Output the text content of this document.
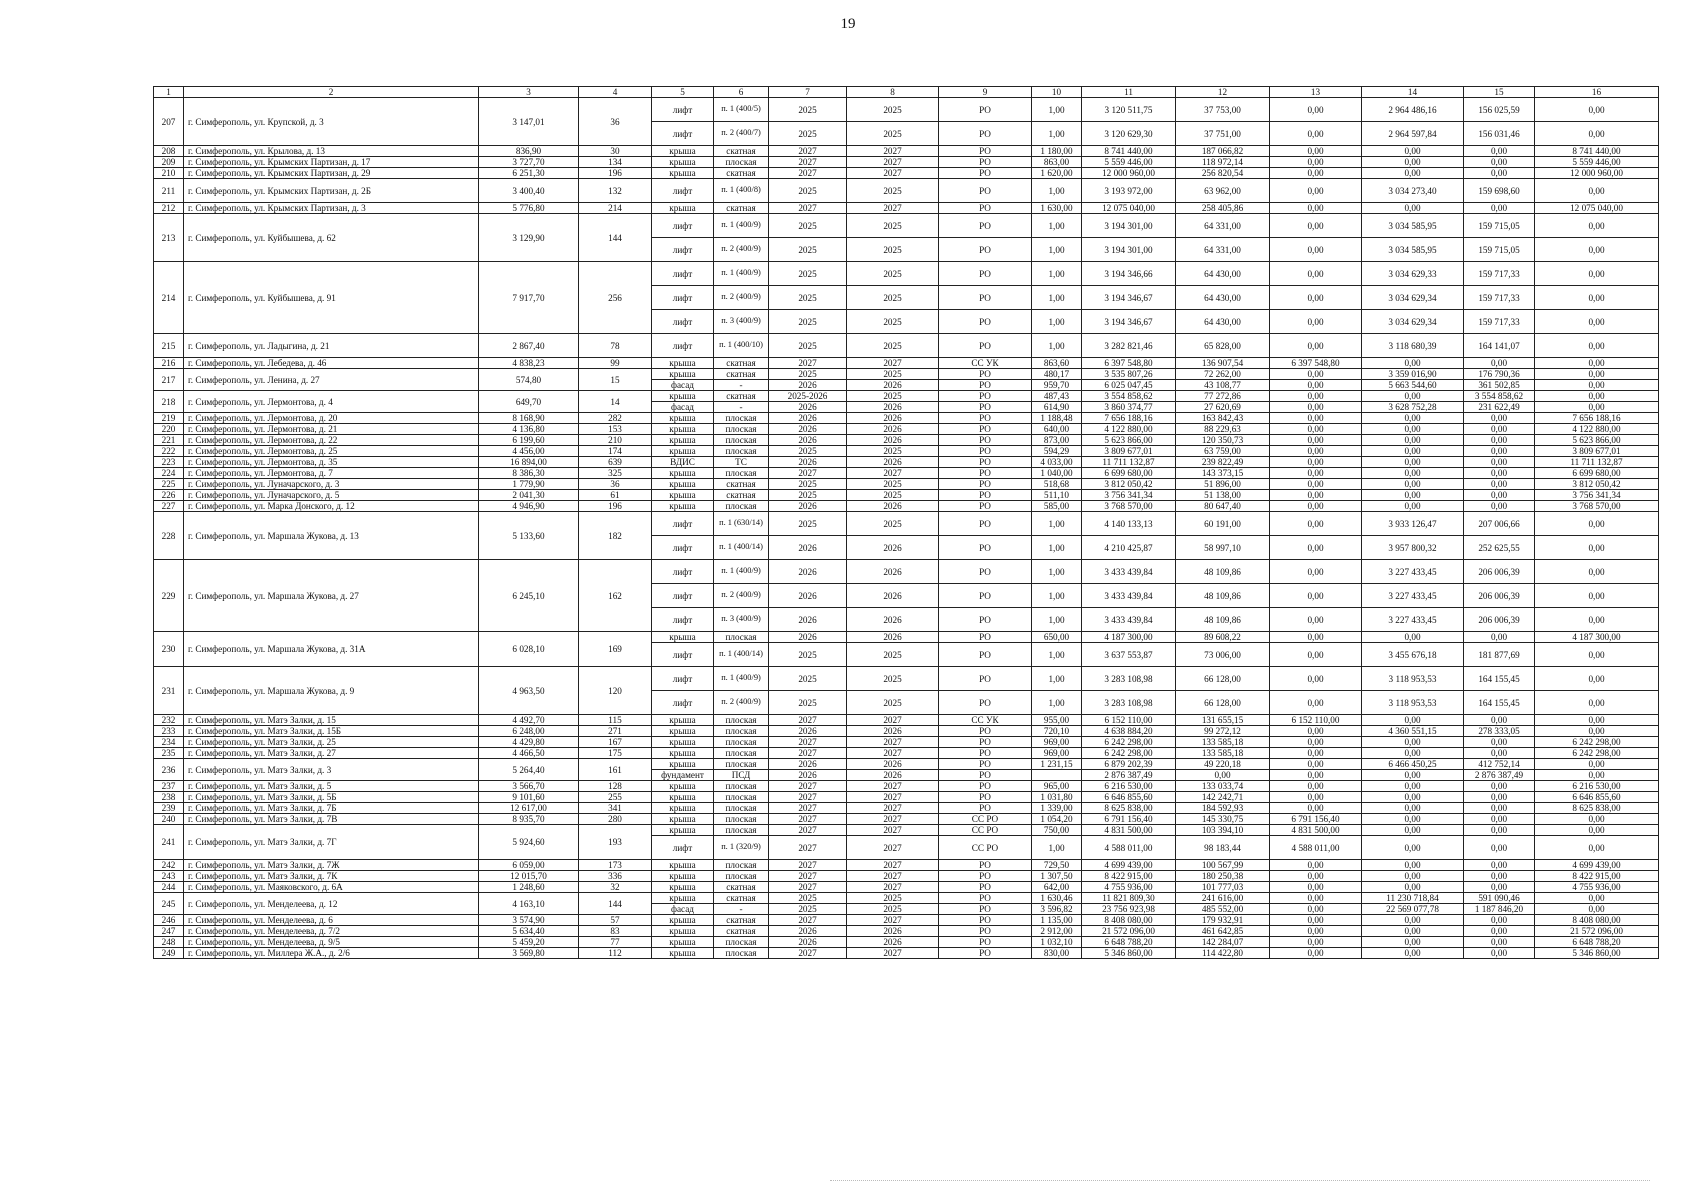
19
1	2	3	4	5	6	7	8	9	10	11	12	13	14	15	16
207	г. Симферополь, ул. Крупской, д. 3	3 147,01	36	лифт	п. 1 (400/5)	2025	2025	РО	1,00	3 120 511,75	37 753,00	0,00	2 964 486,16	156 025,59	0,00
				лифт	п. 2 (400/7)	2025	2025	РО	1,00	3 120 629,30	37 751,00	0,00	2 964 597,84	156 031,46	0,00
208	г. Симферополь, ул. Крылова, д. 13	836,90	30	крыша	скатная	2027	2027	РО	1 180,00	8 741 440,00	187 066,82	0,00	0,00	0,00	8 741 440,00
209	г. Симферополь, ул. Крымских Партизан, д. 17	3 727,70	134	крыша	плоская	2027	2027	РО	863,00	5 559 446,00	118 972,14	0,00	0,00	0,00	5 559 446,00
210	г. Симферополь, ул. Крымских Партизан, д. 29	6 251,30	196	крыша	скатная	2027	2027	РО	1 620,00	12 000 960,00	256 820,54	0,00	0,00	0,00	12 000 960,00
211	г. Симферополь, ул. Крымских Партизан, д. 2Б	3 400,40	132	лифт	п. 1 (400/8)	2025	2025	РО	1,00	3 193 972,00	63 962,00	0,00	3 034 273,40	159 698,60	0,00
212	г. Симферополь, ул. Крымских Партизан, д. 3	5 776,80	214	крыша	скатная	2027	2027	РО	1 630,00	12 075 040,00	258 405,86	0,00	0,00	0,00	12 075 040,00
213	г. Симферополь, ул. Куйбышева, д. 62	3 129,90	144	лифт	п. 1 (400/9)	2025	2025	РО	1,00	3 194 301,00	64 331,00	0,00	3 034 585,95	159 715,05	0,00
				лифт	п. 2 (400/9)	2025	2025	РО	1,00	3 194 301,00	64 331,00	0,00	3 034 585,95	159 715,05	0,00
214	г. Симферополь, ул. Куйбышева, д. 91	7 917,70	256	лифт	п. 1 (400/9)	2025	2025	РО	1,00	3 194 346,66	64 430,00	0,00	3 034 629,33	159 717,33	0,00
				лифт	п. 2 (400/9)	2025	2025	РО	1,00	3 194 346,67	64 430,00	0,00	3 034 629,34	159 717,33	0,00
				лифт	п. 3 (400/9)	2025	2025	РО	1,00	3 194 346,67	64 430,00	0,00	3 034 629,34	159 717,33	0,00
215	г. Симферополь, ул. Ладыгина, д. 21	2 867,40	78	лифт	п. 1 (400/10)	2025	2025	РО	1,00	3 282 821,46	65 828,00	0,00	3 118 680,39	164 141,07	0,00
216	г. Симферополь, ул. Лебедева, д. 46	4 838,23	99	крыша	скатная	2027	2027	СС УК	863,60	6 397 548,80	136 907,54	6 397 548,80	0,00	0,00	0,00
217	г. Симферополь, ул. Ленина, д. 27	574,80	15	крыша	скатная	2025	2025	РО	480,17	3 535 807,26	72 262,00	0,00	3 359 016,90	176 790,36	0,00
				фасад	-	2026	2026	РО	959,70	6 025 047,45	43 108,77	0,00	5 663 544,60	361 502,85	0,00
218	г. Симферополь, ул. Лермонтова, д. 4	649,70	14	крыша	скатная	2025-2026	2025	РО	487,43	3 554 858,62	77 272,86	0,00	0,00	3 554 858,62	0,00
				фасад	-	2026	2026	РО	614,90	3 860 374,77	27 620,69	0,00	3 628 752,28	231 622,49	0,00
219	г. Симферополь, ул. Лермонтова, д. 20	8 168,90	282	крыша	плоская	2026	2026	РО	1 188,48	7 656 188,16	163 842,43	0,00	0,00	0,00	7 656 188,16
220	г. Симферополь, ул. Лермонтова, д. 21	4 136,80	153	крыша	плоская	2026	2026	РО	640,00	4 122 880,00	88 229,63	0,00	0,00	0,00	4 122 880,00
221	г. Симферополь, ул. Лермонтова, д. 22	6 199,60	210	крыша	плоская	2026	2026	РО	873,00	5 623 866,00	120 350,73	0,00	0,00	0,00	5 623 866,00
222	г. Симферополь, ул. Лермонтова, д. 25	4 456,00	174	крыша	плоская	2025	2025	РО	594,29	3 809 677,01	63 759,00	0,00	0,00	0,00	3 809 677,01
223	г. Симферополь, ул. Лермонтова, д. 35	16 894,00	639	ВДИС	ТС	2026	2026	РО	4 033,00	11 711 132,87	239 822,49	0,00	0,00	0,00	11 711 132,87
224	г. Симферополь, ул. Лермонтова, д. 7	8 386,30	325	крыша	плоская	2027	2027	РО	1 040,00	6 699 680,00	143 373,15	0,00	0,00	0,00	6 699 680,00
225	г. Симферополь, ул. Луначарского, д. 3	1 779,90	36	крыша	скатная	2025	2025	РО	518,68	3 812 050,42	51 896,00	0,00	0,00	0,00	3 812 050,42
226	г. Симферополь, ул. Луначарского, д. 5	2 041,30	61	крыша	скатная	2025	2025	РО	511,10	3 756 341,34	51 138,00	0,00	0,00	0,00	3 756 341,34
227	г. Симферополь, ул. Марка Донского, д. 12	4 946,90	196	крыша	плоская	2026	2026	РО	585,00	3 768 570,00	80 647,40	0,00	0,00	0,00	3 768 570,00
228	г. Симферополь, ул. Маршала Жукова, д. 13	5 133,60	182	лифт	п. 1 (630/14)	2025	2025	РО	1,00	4 140 133,13	60 191,00	0,00	3 933 126,47	207 006,66	0,00
				лифт	п. 1 (400/14)	2026	2026	РО	1,00	4 210 425,87	58 997,10	0,00	3 957 800,32	252 625,55	0,00
229	г. Симферополь, ул. Маршала Жукова, д. 27	6 245,10	162	лифт	п. 1 (400/9)	2026	2026	РО	1,00	3 433 439,84	48 109,86	0,00	3 227 433,45	206 006,39	0,00
				лифт	п. 2 (400/9)	2026	2026	РО	1,00	3 433 439,84	48 109,86	0,00	3 227 433,45	206 006,39	0,00
				лифт	п. 3 (400/9)	2026	2026	РО	1,00	3 433 439,84	48 109,86	0,00	3 227 433,45	206 006,39	0,00
230	г. Симферополь, ул. Маршала Жукова, д. 31А	6 028,10	169	крыша	плоская	2026	2026	РО	650,00	4 187 300,00	89 608,22	0,00	0,00	0,00	4 187 300,00
				лифт	п. 1 (400/14)	2025	2025	РО	1,00	3 637 553,87	73 006,00	0,00	3 455 676,18	181 877,69	0,00
231	г. Симферополь, ул. Маршала Жукова, д. 9	4 963,50	120	лифт	п. 1 (400/9)	2025	2025	РО	1,00	3 283 108,98	66 128,00	0,00	3 118 953,53	164 155,45	0,00
				лифт	п. 2 (400/9)	2025	2025	РО	1,00	3 283 108,98	66 128,00	0,00	3 118 953,53	164 155,45	0,00
232	г. Симферополь, ул. Матэ Залки, д. 15	4 492,70	115	крыша	плоская	2027	2027	СС УК	955,00	6 152 110,00	131 655,15	6 152 110,00	0,00	0,00	0,00
233	г. Симферополь, ул. Матэ Залки, д. 15Б	6 248,00	271	крыша	плоская	2026	2026	РО	720,10	4 638 884,20	99 272,12	0,00	4 360 551,15	278 333,05	0,00
234	г. Симферополь, ул. Матэ Залки, д. 25	4 429,80	167	крыша	плоская	2027	2027	РО	969,00	6 242 298,00	133 585,18	0,00	0,00	0,00	6 242 298,00
235	г. Симферополь, ул. Матэ Залки, д. 27	4 466,50	175	крыша	плоская	2027	2027	РО	969,00	6 242 298,00	133 585,18	0,00	0,00	0,00	6 242 298,00
236	г. Симферополь, ул. Матэ Залки, д. 3	5 264,40	161	крыша	плоская	2026	2026	РО	1 231,15	6 879 202,39	49 220,18	0,00	6 466 450,25	412 752,14	0,00
				фундамент	ПСД	2026	2026	РО		2 876 387,49	0,00	0,00	0,00	2 876 387,49	0,00
237	г. Симферополь, ул. Матэ Залки, д. 5	3 566,70	128	крыша	плоская	2027	2027	РО	965,00	6 216 530,00	133 033,74	0,00	0,00	0,00	6 216 530,00
238	г. Симферополь, ул. Матэ Залки, д. 5Б	9 101,60	255	крыша	плоская	2027	2027	РО	1 031,80	6 646 855,60	142 242,71	0,00	0,00	0,00	6 646 855,60
239	г. Симферополь, ул. Матэ Залки, д. 7Б	12 617,00	341	крыша	плоская	2027	2027	РО	1 339,00	8 625 838,00	184 592,93	0,00	0,00	0,00	8 625 838,00
240	г. Симферополь, ул. Матэ Залки, д. 7В	8 935,70	280	крыша	плоская	2027	2027	СС РО	1 054,20	6 791 156,40	145 330,75	6 791 156,40	0,00	0,00	0,00
241	г. Симферополь, ул. Матэ Залки, д. 7Г	5 924,60	193	крыша	плоская	2027	2027	СС РО	750,00	4 831 500,00	103 394,10	4 831 500,00	0,00	0,00	0,00
				лифт	п. 1 (320/9)	2027	2027	СС РО	1,00	4 588 011,00	98 183,44	4 588 011,00	0,00	0,00	0,00
242	г. Симферополь, ул. Матэ Залки, д. 7Ж	6 059,00	173	крыша	плоская	2027	2027	РО	729,50	4 699 439,00	100 567,99	0,00	0,00	0,00	4 699 439,00
243	г. Симферополь, ул. Матэ Залки, д. 7К	12 015,70	336	крыша	плоская	2027	2027	РО	1 307,50	8 422 915,00	180 250,38	0,00	0,00	0,00	8 422 915,00
244	г. Симферополь, ул. Маяковского, д. 6А	1 248,60	32	крыша	скатная	2027	2027	РО	642,00	4 755 936,00	101 777,03	0,00	0,00	0,00	4 755 936,00
245	г. Симферополь, ул. Менделеева, д. 12	4 163,10	144	крыша	скатная	2025	2025	РО	1 630,46	11 821 809,30	241 616,00	0,00	11 230 718,84	591 090,46	0,00
				фасад	-	2025	2025	РО	3 596,82	23 756 923,98	485 552,00	0,00	22 569 077,78	1 187 846,20	0,00
246	г. Симферополь, ул. Менделеева, д. 6	3 574,90	57	крыша	скатная	2027	2027	РО	1 135,00	8 408 080,00	179 932,91	0,00	0,00	0,00	8 408 080,00
247	г. Симферополь, ул. Менделеева, д. 7/2	5 634,40	83	крыша	скатная	2026	2026	РО	2 912,00	21 572 096,00	461 642,85	0,00	0,00	0,00	21 572 096,00
248	г. Симферополь, ул. Менделеева, д. 9/5	5 459,20	77	крыша	плоская	2026	2026	РО	1 032,10	6 648 788,20	142 284,07	0,00	0,00	0,00	6 648 788,20
249	г. Симферополь, ул. Миллера Ж.А., д. 2/6	3 569,80	112	крыша	плоская	2027	2027	РО	830,00	5 346 860,00	114 422,80	0,00	0,00	0,00	5 346 860,00
